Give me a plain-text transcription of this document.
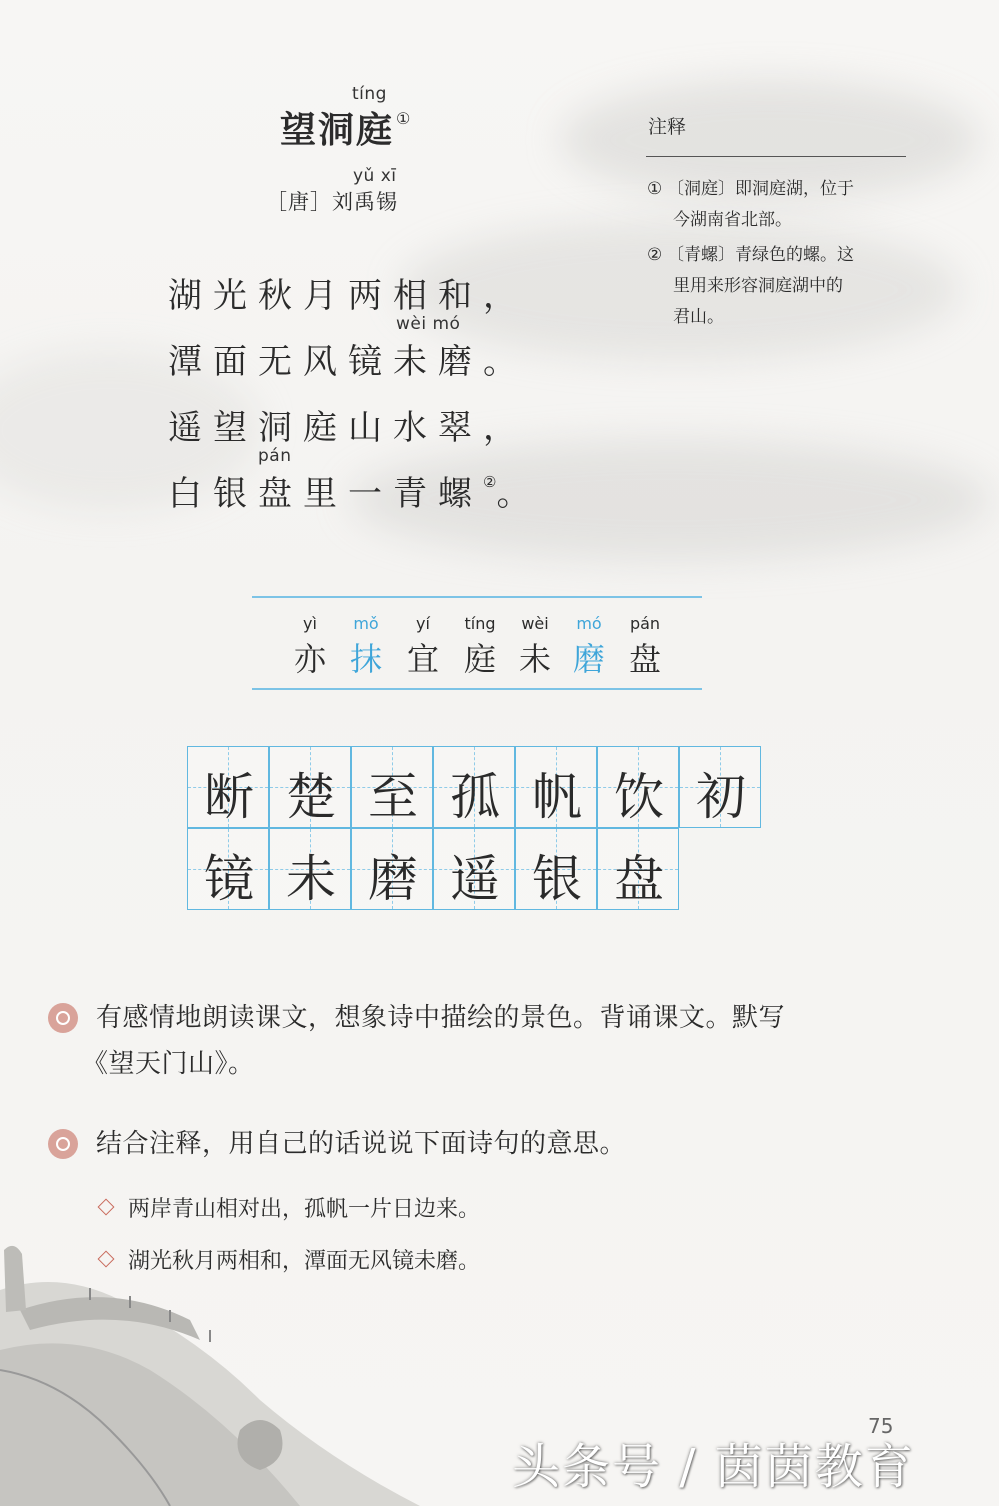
tíng
望洞庭 ①
yǔ xī
［唐］刘禹锡
湖光秋月两相和，
wèi mó
潭面无风镜未磨。
遥望洞庭山水翠，
pán
白银盘里一青螺②。
注释
① 〔洞庭〕即洞庭湖，位于
今湖南省北部。
② 〔青螺〕青绿色的螺。这
里用来形容洞庭湖中的
君山。
yì
亦
mǒ
抹
yí
宜
tíng
庭
wèi
未
mó
磨
pán
盘
断 楚 至 孤 帆 饮 初
镜 未 磨 遥 银 盘
有感情地朗读课文，想象诗中描绘的景色。背诵课文。默写
《望天门山》。
结合注释，用自己的话说说下面诗句的意思。
两岸青山相对出，孤帆一片日边来。
湖光秋月两相和，潭面无风镜未磨。
75
头条号 / 茵茵教育
